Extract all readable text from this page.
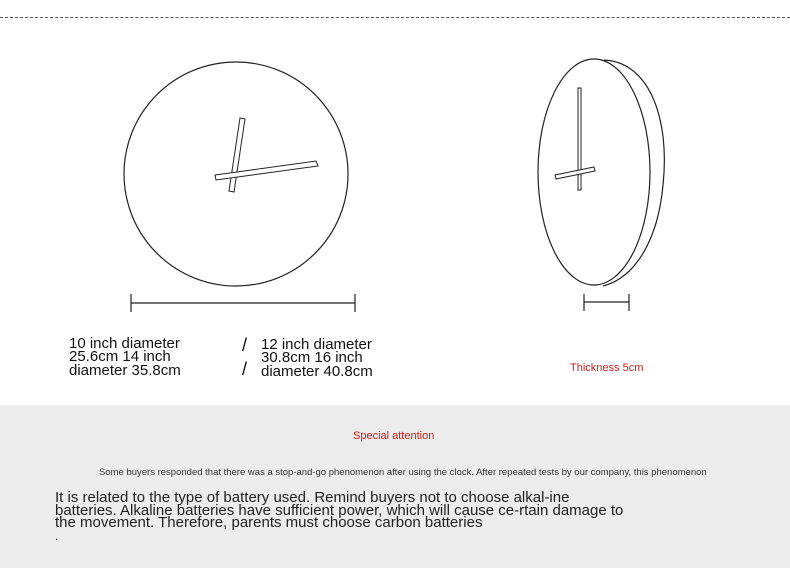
10 inch diameter
25.6cm 14 inch
diameter 35.8cm
/
/
12 inch diameter
30.8cm 16 inch
diameter 40.8cm	Thickness 5cm
Special attention
Some buyers responded that there was a stop-and-go phenomenon after using the clock. After repeated tests by our company, this phenomenon
It is related to the type of battery used. Remind buyers not to choose alkal-ine batteries. Alkaline batteries have sufficient power, which will cause ce-rtain damage to the movement. Therefore, parents must choose carbon batteries
.
